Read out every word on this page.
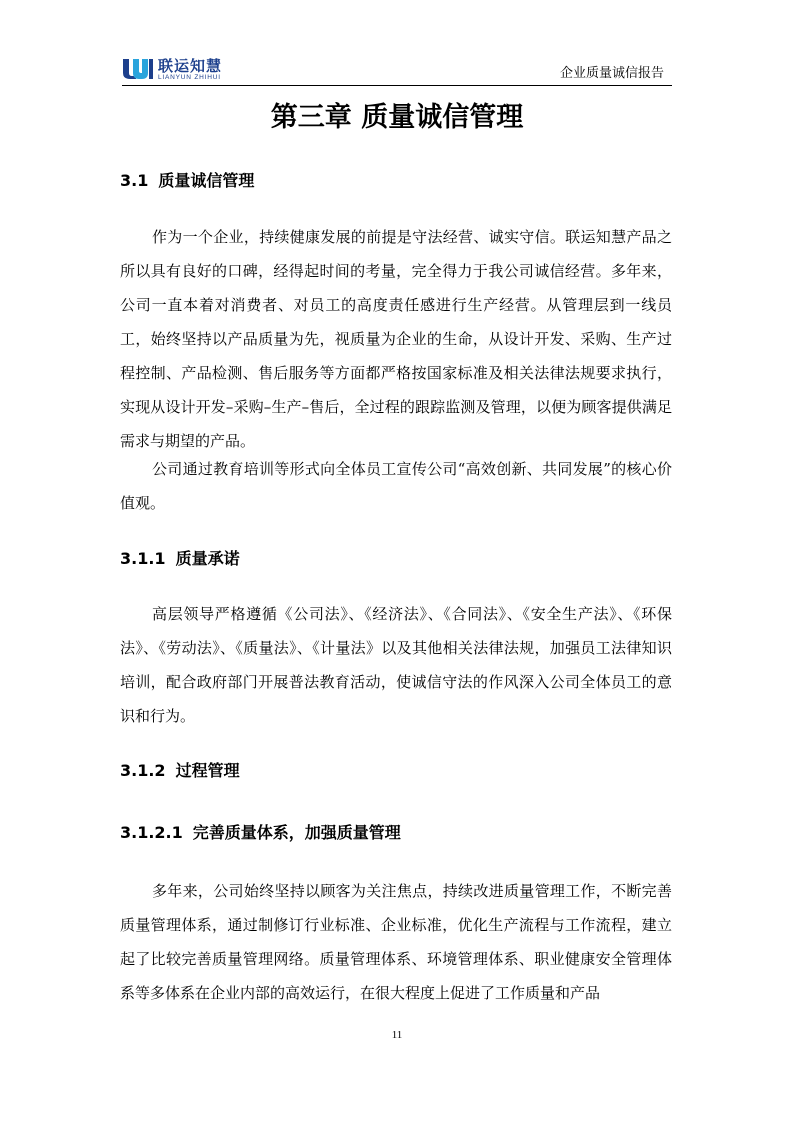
联运知慧
LIANYUN ZHIHUI	企业质量诚信报告
第三章 质量诚信管理
3.1 质量诚信管理

作为一个企业，持续健康发展的前提是守法经营、诚实守信。联运知慧产品之所以具有良好的口碑，经得起时间的考量，完全得力于我公司诚信经营。多年来，公司一直本着对消费者、对员工的高度责任感进行生产经营。从管理层到一线员工，始终坚持以产品质量为先，视质量为企业的生命，从设计开发、采购、生产过程控制、产品检测、售后服务等方面都严格按国家标准及相关法律法规要求执行，实现从设计开发–采购–生产–售后，全过程的跟踪监测及管理，以便为顾客提供满足需求与期望的产品。

公司通过教育培训等形式向全体员工宣传公司“高效创新、共同发展”的核心价值观。

3.1.1 质量承诺

高层领导严格遵循《公司法》、《经济法》、《合同法》、《安全生产法》、《环保法》、《劳动法》、《质量法》、《计量法》以及其他相关法律法规，加强员工法律知识培训，配合政府部门开展普法教育活动，使诚信守法的作风深入公司全体员工的意识和行为。

3.1.2 过程管理
3.1.2.1 完善质量体系，加强质量管理

多年来，公司始终坚持以顾客为关注焦点，持续改进质量管理工作，不断完善质量管理体系，通过制修订行业标准、企业标准，优化生产流程与工作流程，建立起了比较完善质量管理网络。质量管理体系、环境管理体系、职业健康安全管理体系等多体系在企业内部的高效运行，在很大程度上促进了工作质量和产品

11
